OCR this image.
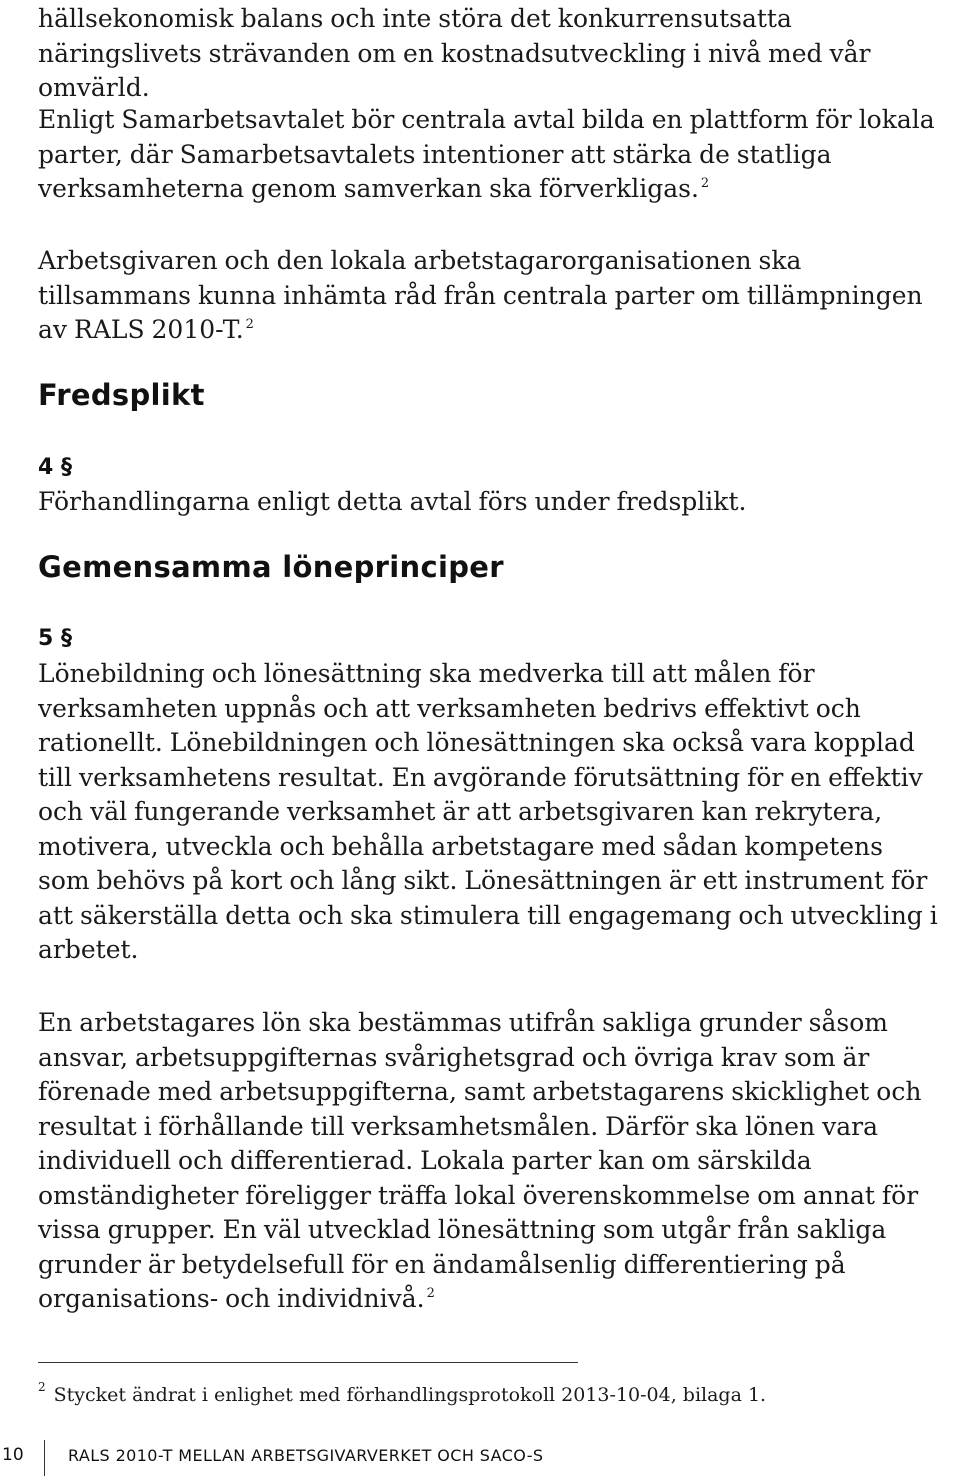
hällsekonomisk balans och inte störa det konkurrensutsatta näringslivets strävanden om en kostnadsutveckling i nivå med vår omvärld.

Enligt Samarbetsavtalet bör centrala avtal bilda en plattform för lokala parter, där Samarbetsavtalets intentioner att stärka de statliga verksamheterna genom samverkan ska förverkligas. $^2$

Arbetsgivaren och den lokala arbetstagarorganisationen ska tillsammans kunna inhämta råd från centrala parter om tillämpningen av RALS 2010-T. $^2$

Fredsplikt
4 §

Förhandlingarna enligt detta avtal förs under fredsplikt.

Gemensamma löneprinciper
5 §

Lönebildning och lönesättning ska medverka till att målen för verksamheten uppnås och att verksamheten bedrivs effektivt och rationellt. Lönebildningen och lönesättningen ska också vara kopplad till verksamhetens resultat. En avgörande förutsättning för en effektiv och väl fungerande verksamhet är att arbetsgivaren kan rekrytera, motivera, utveckla och behålla arbetstagare med sådan kompetens som behövs på kort och lång sikt. Lönesättningen är ett instrument för att säkerställa detta och ska stimulera till engagemang och utveckling i arbetet.

En arbetstagares lön ska bestämmas utifrån sakliga grunder såsom ansvar, arbetsuppgifternas svårighetsgrad och övriga krav som är förenade med arbetsuppgifterna, samt arbetstagarens skicklighet och resultat i förhållande till verksamhetsmålen. Därför ska lönen vara individuell och differentierad. Lokala parter kan om särskilda omständigheter föreligger träffa lokal överenskommelse om annat för vissa grupper. En väl utvecklad lönesättning som utgår från sakliga grunder är betydelsefull för en ändamålsenlig differentiering på organisations- och individnivå. $^2$

$^2$ Stycket ändrat i enlighet med förhandlingsprotokoll 2013-10-04, bilaga 1.
10	RALS 2010-T MELLAN ARBETSGIVARVERKET OCH SACO-S
